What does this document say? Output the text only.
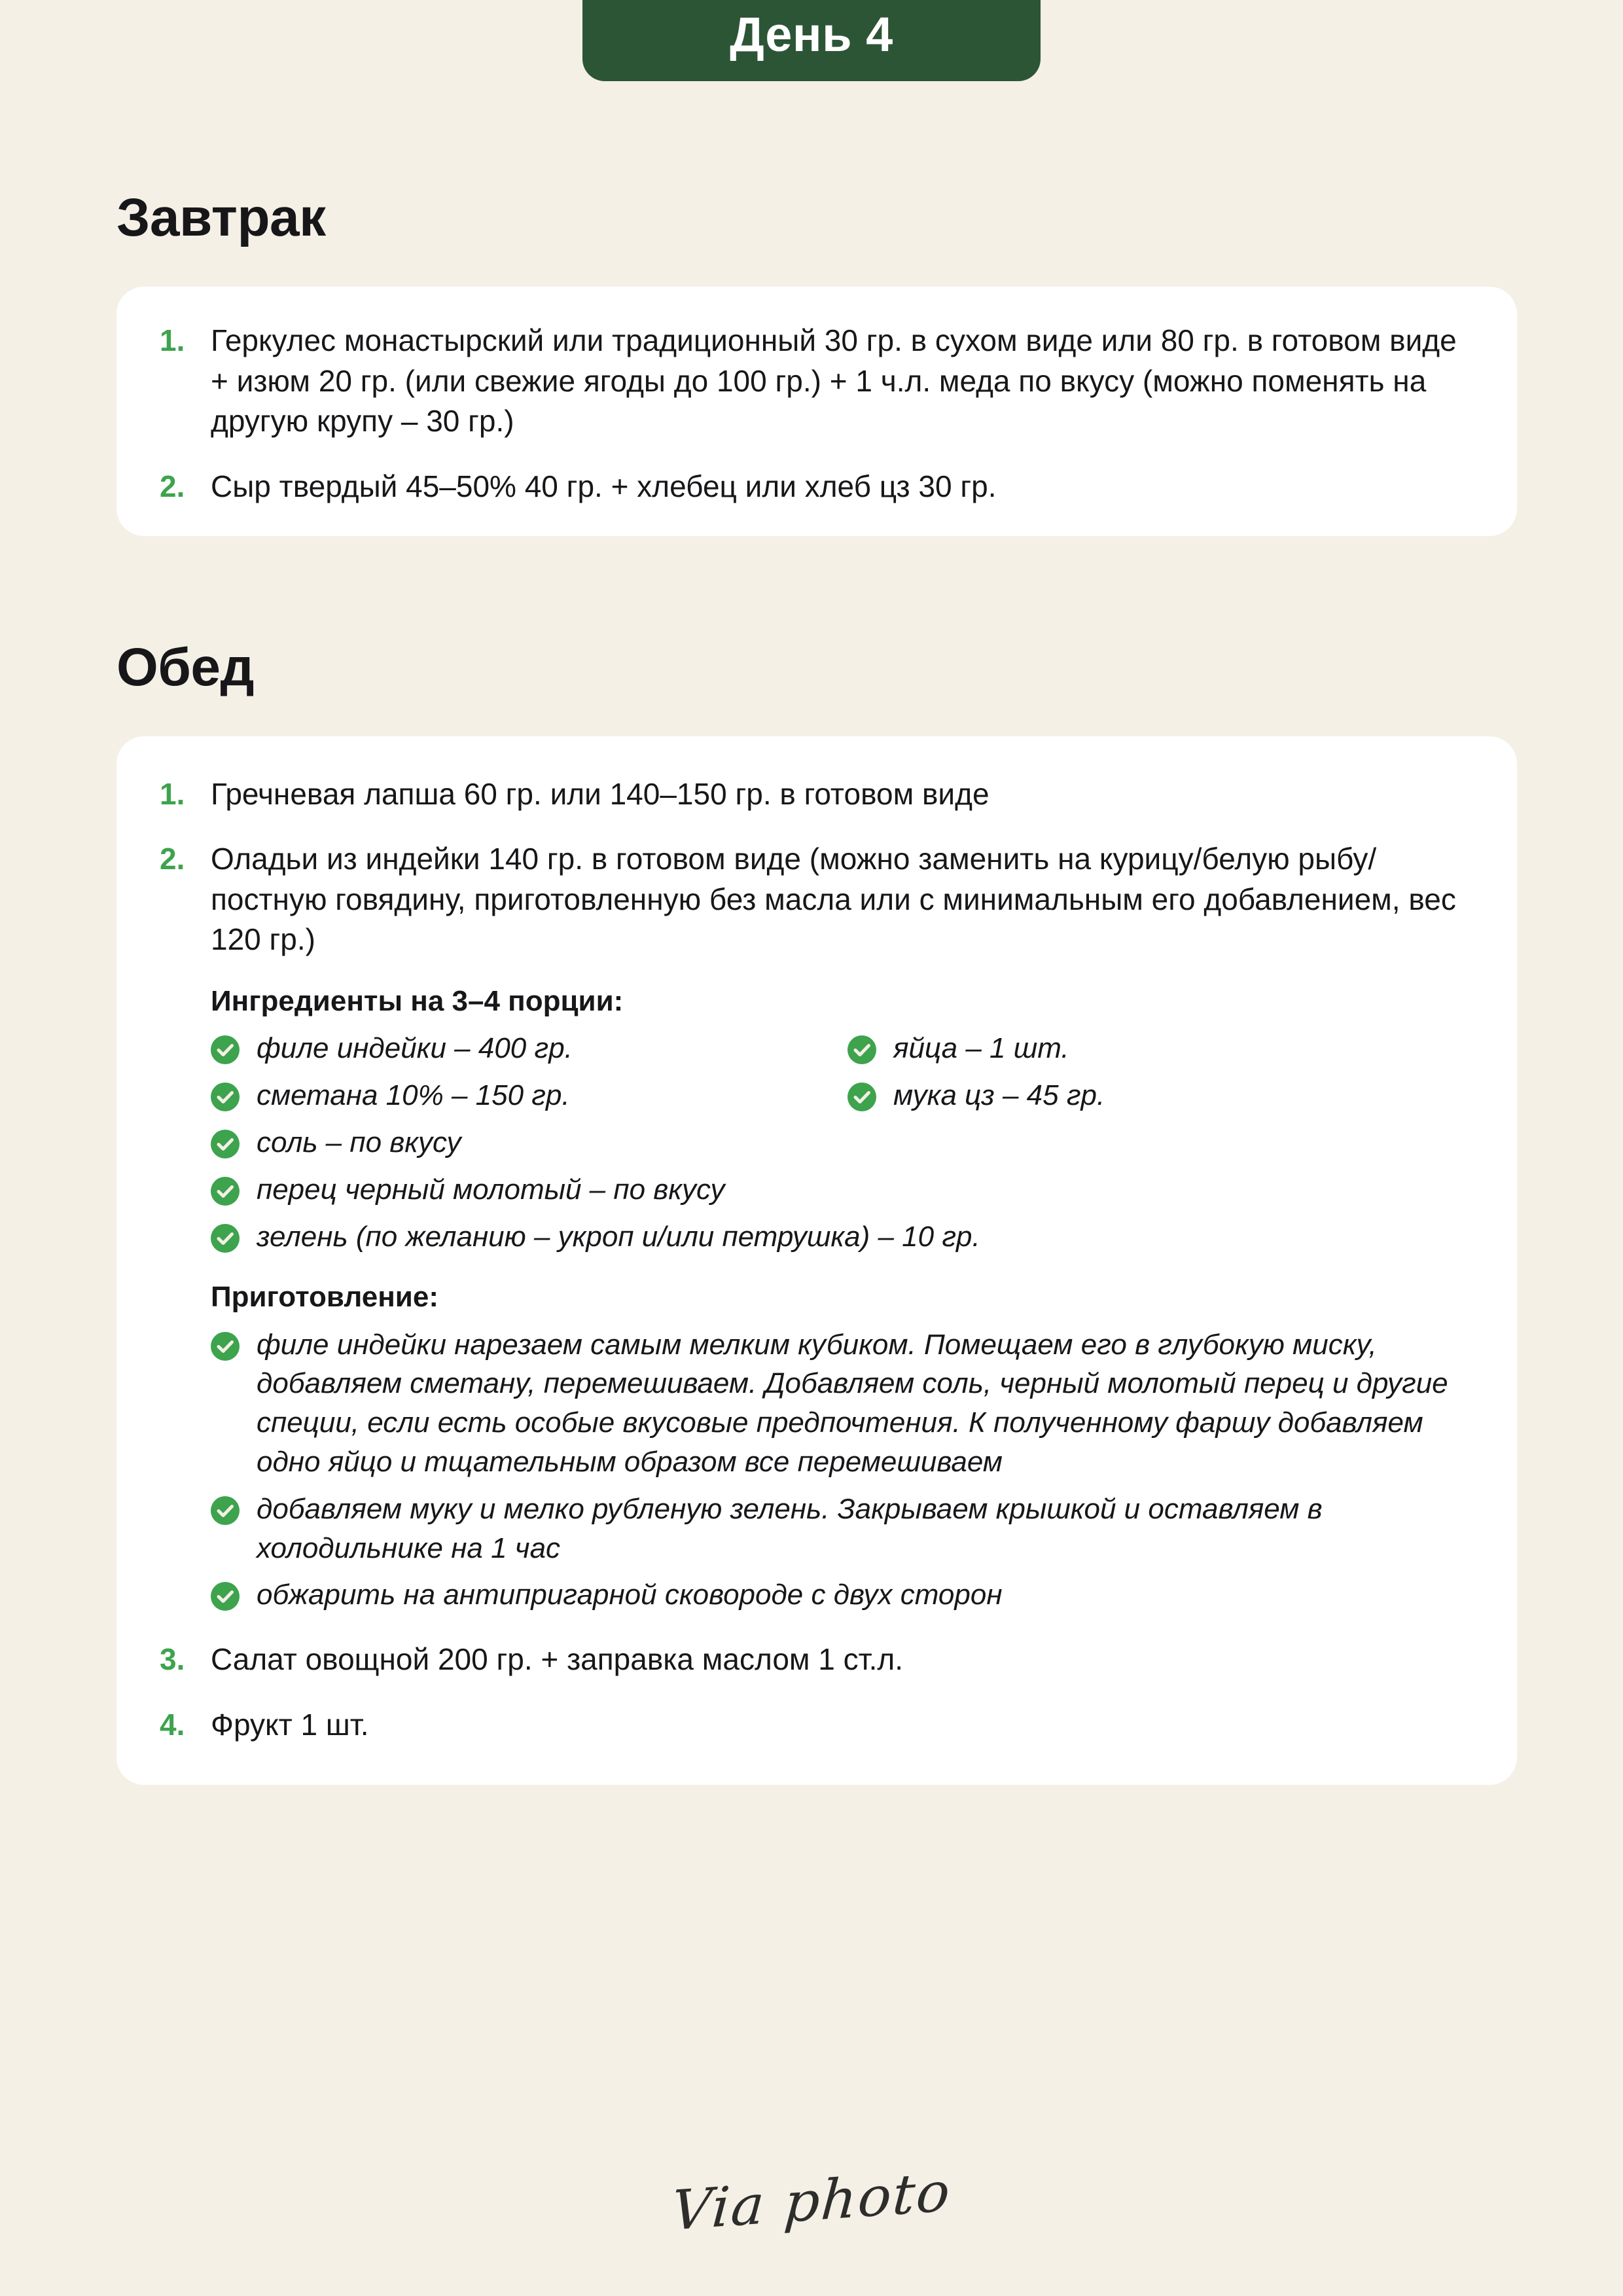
День 4
Завтрак
1. Геркулес монастырский или традиционный 30 гр. в сухом виде или 80 гр. в готовом виде + изюм 20 гр. (или свежие ягоды до 100 гр.) + 1 ч.л. меда по вкусу (можно поменять на другую крупу – 30 гр.)
2. Сыр твердый 45–50% 40 гр. + хлебец или хлеб цз 30 гр.
Обед
1. Гречневая лапша 60 гр. или 140–150 гр. в готовом виде
2. Оладьи из индейки 140 гр. в готовом виде (можно заменить на курицу/белую рыбу/постную говядину, приготовленную без масла или с минимальным его добавлением, вес 120 гр.)
Ингредиенты на 3–4 порции:
филе индейки – 400 гр.	яйца – 1 шт.
сметана 10% – 150 гр.	мука цз – 45 гр.
соль – по вкусу
перец черный молотый – по вкусу
зелень (по желанию – укроп и/или петрушка) – 10 гр.
Приготовление:
филе индейки нарезаем самым мелким кубиком. Помещаем его в глубокую миску, добавляем сметану, перемешиваем. Добавляем соль, черный молотый перец и другие специи, если есть особые вкусовые предпочтения. К полученному фаршу добавляем одно яйцо и тщательным образом все перемешиваем
добавляем муку и мелко рубленую зелень. Закрываем крышкой и оставляем в холодильнике на 1 час
обжарить на антипригарной сковороде с двух сторон
3. Салат овощной 200 гр. + заправка маслом 1 ст.л.
4. Фрукт 1 шт.
Via photo
